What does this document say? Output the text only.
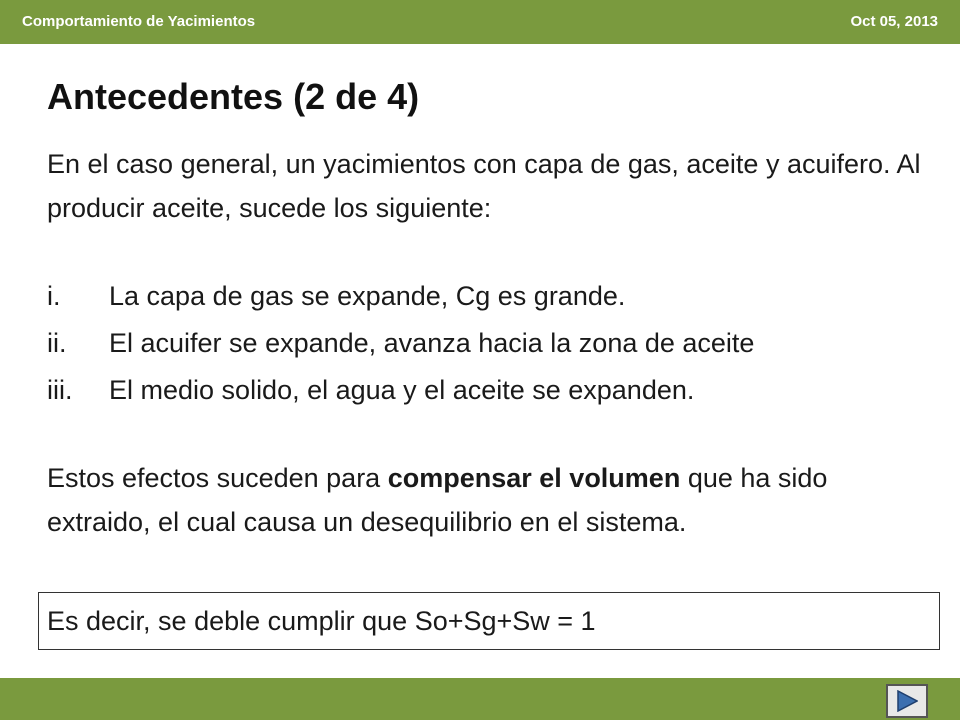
Comportamiento de Yacimientos	Oct 05, 2013
Antecedentes (2 de 4)

En el caso general, un yacimientos con capa de gas, aceite y acuifero. Al producir aceite, sucede los siguiente:

i.	La capa de gas se expande, Cg es grande.
ii.	El acuifer se expande, avanza hacia la zona de aceite
iii.	El medio solido, el agua y el aceite se expanden.

Estos efectos suceden para compensar el volumen que ha sido extraido, el cual causa un desequilibrio en el sistema.

Es decir, se deble cumplir que So+Sg+Sw = 1
